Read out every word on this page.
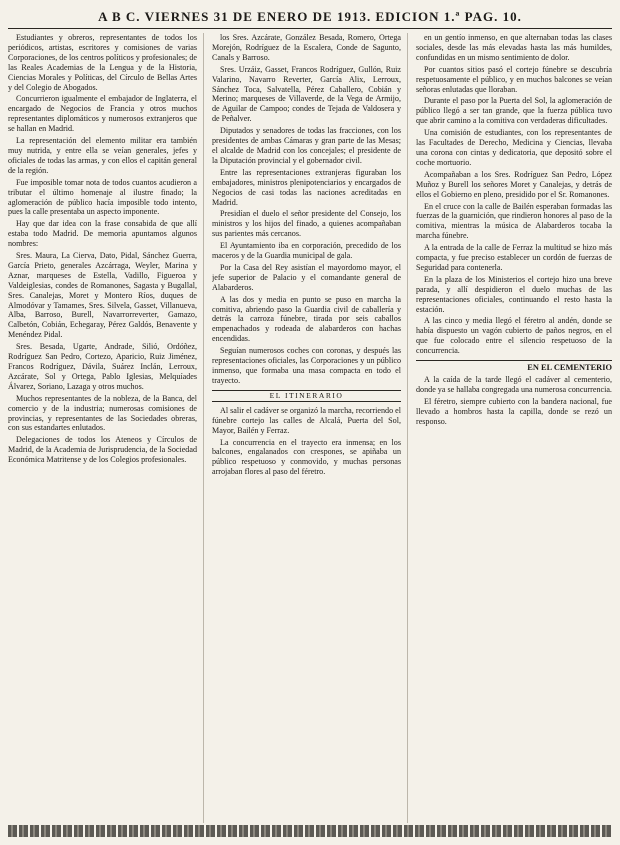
A B C. VIERNES 31 DE ENERO DE 1913. EDICION 1.ª PAG. 10.

Estudiantes y obreros, representantes de todos los periódicos, artistas, escritores y comisiones de varias Corporaciones, de los centros políticos y profesionales; de las Reales Academias de la Lengua y de la Historia, Ciencias Morales y Políticas, del Círculo de Bellas Artes y del Colegio de Abogados.

Concurrieron igualmente el embajador de Inglaterra, el encargado de Negocios de Francia y otros muchos representantes diplomáticos y numerosos extranjeros que se hallan en Madrid.

La representación del elemento militar era también muy nutrida, y entre ella se veían generales, jefes y oficiales de todas las armas, y con ellos el capitán general de la región.

Fue imposible tomar nota de todos cuantos acudieron a tributar el último homenaje al ilustre finado; la aglomeración de público hacía imposible todo intento, pues la calle presentaba un aspecto imponente.

Hay que dar idea con la frase consabida de que allí estaba todo Madrid. De memoria apuntamos algunos nombres:

Sres. Maura, La Cierva, Dato, Pidal, Sánchez Guerra, García Prieto, generales Azcárraga, Weyler, Marina y Aznar, marqueses de Estella, Vadillo, Figueroa y Valdeiglesias, condes de Romanones, Sagasta y Bugallal, Sres. Canalejas, Moret y Montero Ríos, duques de Almodóvar y Tamames, Sres. Silvela, Gasset, Villanueva, Alba, Barroso, Burell, Navarrorreverter, Gamazo, Calbetón, Cobián, Echegaray, Pérez Galdós, Benavente y Menéndez Pidal.

Sres. Besada, Ugarte, Andrade, Silió, Ordóñez, Rodríguez San Pedro, Cortezo, Aparicio, Ruiz Jiménez, Francos Rodríguez, Dávila, Suárez Inclán, Lerroux, Azcárate, Sol y Ortega, Pablo Iglesias, Melquíades Álvarez, Soriano, Lazaga y otros muchos.

Muchos representantes de la nobleza, de la Banca, del comercio y de la industria; numerosas comisiones de provincias, y representantes de las Sociedades obreras, con sus estandartes enlutados.

Delegaciones de todos los Ateneos y Círculos de Madrid, de la Academia de Jurisprudencia, de la Sociedad Económica Matritense y de los Colegios profesionales.

los Sres. Azcárate, González Besada, Romero, Ortega Morejón, Rodríguez de la Escalera, Conde de Sagunto, Canals y Barroso.

Sres. Urzáiz, Gasset, Francos Rodríguez, Gullón, Ruiz Valarino, Navarro Reverter, García Alix, Lerroux, Sánchez Toca, Salvatella, Pérez Caballero, Cobián y Merino; marqueses de Villaverde, de la Vega de Armijo, de Aguilar de Campoo; condes de Tejada de Valdosera y de Peñalver.

Diputados y senadores de todas las fracciones, con los presidentes de ambas Cámaras y gran parte de las Mesas; el alcalde de Madrid con los concejales; el presidente de la Diputación provincial y el gobernador civil.

Entre las representaciones extranjeras figuraban los embajadores, ministros plenipotenciarios y encargados de Negocios de casi todas las naciones acreditadas en Madrid.

Presidían el duelo el señor presidente del Consejo, los ministros y los hijos del finado, a quienes acompañaban sus parientes más cercanos.

El Ayuntamiento iba en corporación, precedido de los maceros y de la Guardia municipal de gala.

Por la Casa del Rey asistían el mayordomo mayor, el jefe superior de Palacio y el comandante general de Alabarderos.

A las dos y media en punto se puso en marcha la comitiva, abriendo paso la Guardia civil de caballería y detrás la carroza fúnebre, tirada por seis caballos empenachados y rodeada de alabarderos con hachas encendidas.

Seguían numerosos coches con coronas, y después las representaciones oficiales, las Corporaciones y un público inmenso, que formaba una masa compacta en todo el trayecto.

EL ITINERARIO

Al salir el cadáver se organizó la marcha, recorriendo el fúnebre cortejo las calles de Alcalá, Puerta del Sol, Mayor, Bailén y Ferraz.

La concurrencia en el trayecto era inmensa; en los balcones, engalanados con crespones, se apiñaba un público respetuoso y conmovido, y muchas personas arrojaban flores al paso del féretro.

en un gentío inmenso, en que alternaban todas las clases sociales, desde las más elevadas hasta las más humildes, confundidas en un mismo sentimiento de dolor.

Por cuantos sitios pasó el cortejo fúnebre se descubría respetuosamente el público, y en muchos balcones se veían señoras enlutadas que lloraban.

Durante el paso por la Puerta del Sol, la aglomeración de público llegó a ser tan grande, que la fuerza pública tuvo que abrir camino a la comitiva con verdaderas dificultades.

Una comisión de estudiantes, con los representantes de las Facultades de Derecho, Medicina y Ciencias, llevaba una corona con cintas y dedicatoria, que depositó sobre el coche mortuorio.

Acompañaban a los Sres. Rodríguez San Pedro, López Muñoz y Burell los señores Moret y Canalejas, y detrás de ellos el Gobierno en pleno, presidido por el Sr. Romanones.

En el cruce con la calle de Bailén esperaban formadas las fuerzas de la guarnición, que rindieron honores al paso de la comitiva, mientras la música de Alabarderos tocaba la marcha fúnebre.

A la entrada de la calle de Ferraz la multitud se hizo más compacta, y fue preciso establecer un cordón de fuerzas de Seguridad para contenerla.

En la plaza de los Ministerios el cortejo hizo una breve parada, y allí despidieron el duelo muchas de las representaciones oficiales, continuando el resto hasta la estación.

A las cinco y media llegó el féretro al andén, donde se había dispuesto un vagón cubierto de paños negros, en el que fue colocado entre el silencio respetuoso de la concurrencia.

EN EL CEMENTERIO

A la caída de la tarde llegó el cadáver al cementerio, donde ya se hallaba congregada una numerosa concurrencia.

El féretro, siempre cubierto con la bandera nacional, fue llevado a hombros hasta la capilla, donde se rezó un responso.
